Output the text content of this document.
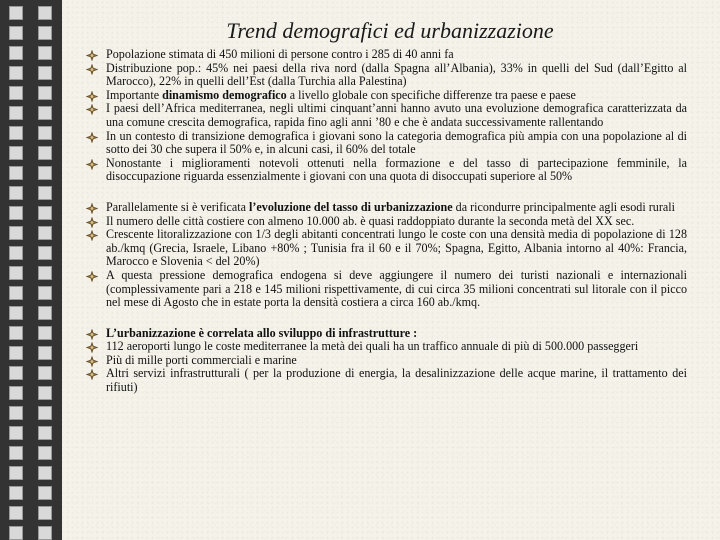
Trend demografici ed urbanizzazione
Popolazione stimata di 450 milioni di persone contro i 285 di 40 anni fa
Distribuzione pop.: 45% nei paesi della riva nord (dalla Spagna all’Albania), 33% in quelli del Sud (dall’Egitto al Marocco), 22% in quelli dell’Est (dalla Turchia alla Palestina)
Importante dinamismo demografico a livello globale con specifiche differenze tra paese e paese
I paesi dell’Africa mediterranea, negli ultimi cinquant’anni hanno avuto una evoluzione demografica caratterizzata da una comune crescita demografica, rapida fino agli anni ’80 e che è andata successivamente rallentando
In un contesto di transizione demografica i giovani sono la categoria demografica più ampia con una popolazione al di sotto dei 30 che supera il 50% e, in alcuni casi, il 60% del totale
Nonostante i miglioramenti notevoli ottenuti nella formazione e del tasso di partecipazione femminile, la disoccupazione riguarda essenzialmente i giovani con una quota di disoccupati superiore al 50%
Parallelamente si è verificata l’evoluzione del tasso di urbanizzazione da ricondurre principalmente agli esodi rurali
Il numero delle città costiere con almeno 10.000 ab. è quasi raddoppiato durante la seconda metà del XX sec.
Crescente litoralizzazione con 1/3 degli abitanti concentrati lungo le coste con una densità media di popolazione di 128 ab./kmq (Grecia, Israele, Libano +80% ; Tunisia fra il 60 e il 70%; Spagna, Egitto, Albania intorno al 40%: Francia, Marocco e Slovenia < del 20%)
A questa pressione demografica endogena si deve aggiungere il numero dei turisti nazionali e internazionali (complessivamente pari a 218 e 145 milioni rispettivamente, di cui circa 35 milioni concentrati sul litorale con il picco nel mese di Agosto che in estate porta la densità costiera a circa 160 ab./kmq.
L’urbanizzazione è correlata allo sviluppo di infrastrutture :
112 aeroporti lungo le coste mediterranee la metà dei quali ha un traffico annuale di più di 500.000 passeggeri
Più di mille porti commerciali e marine
Altri servizi infrastrutturali ( per la produzione di energia, la desalinizzazione delle acque marine, il trattamento dei rifiuti)
